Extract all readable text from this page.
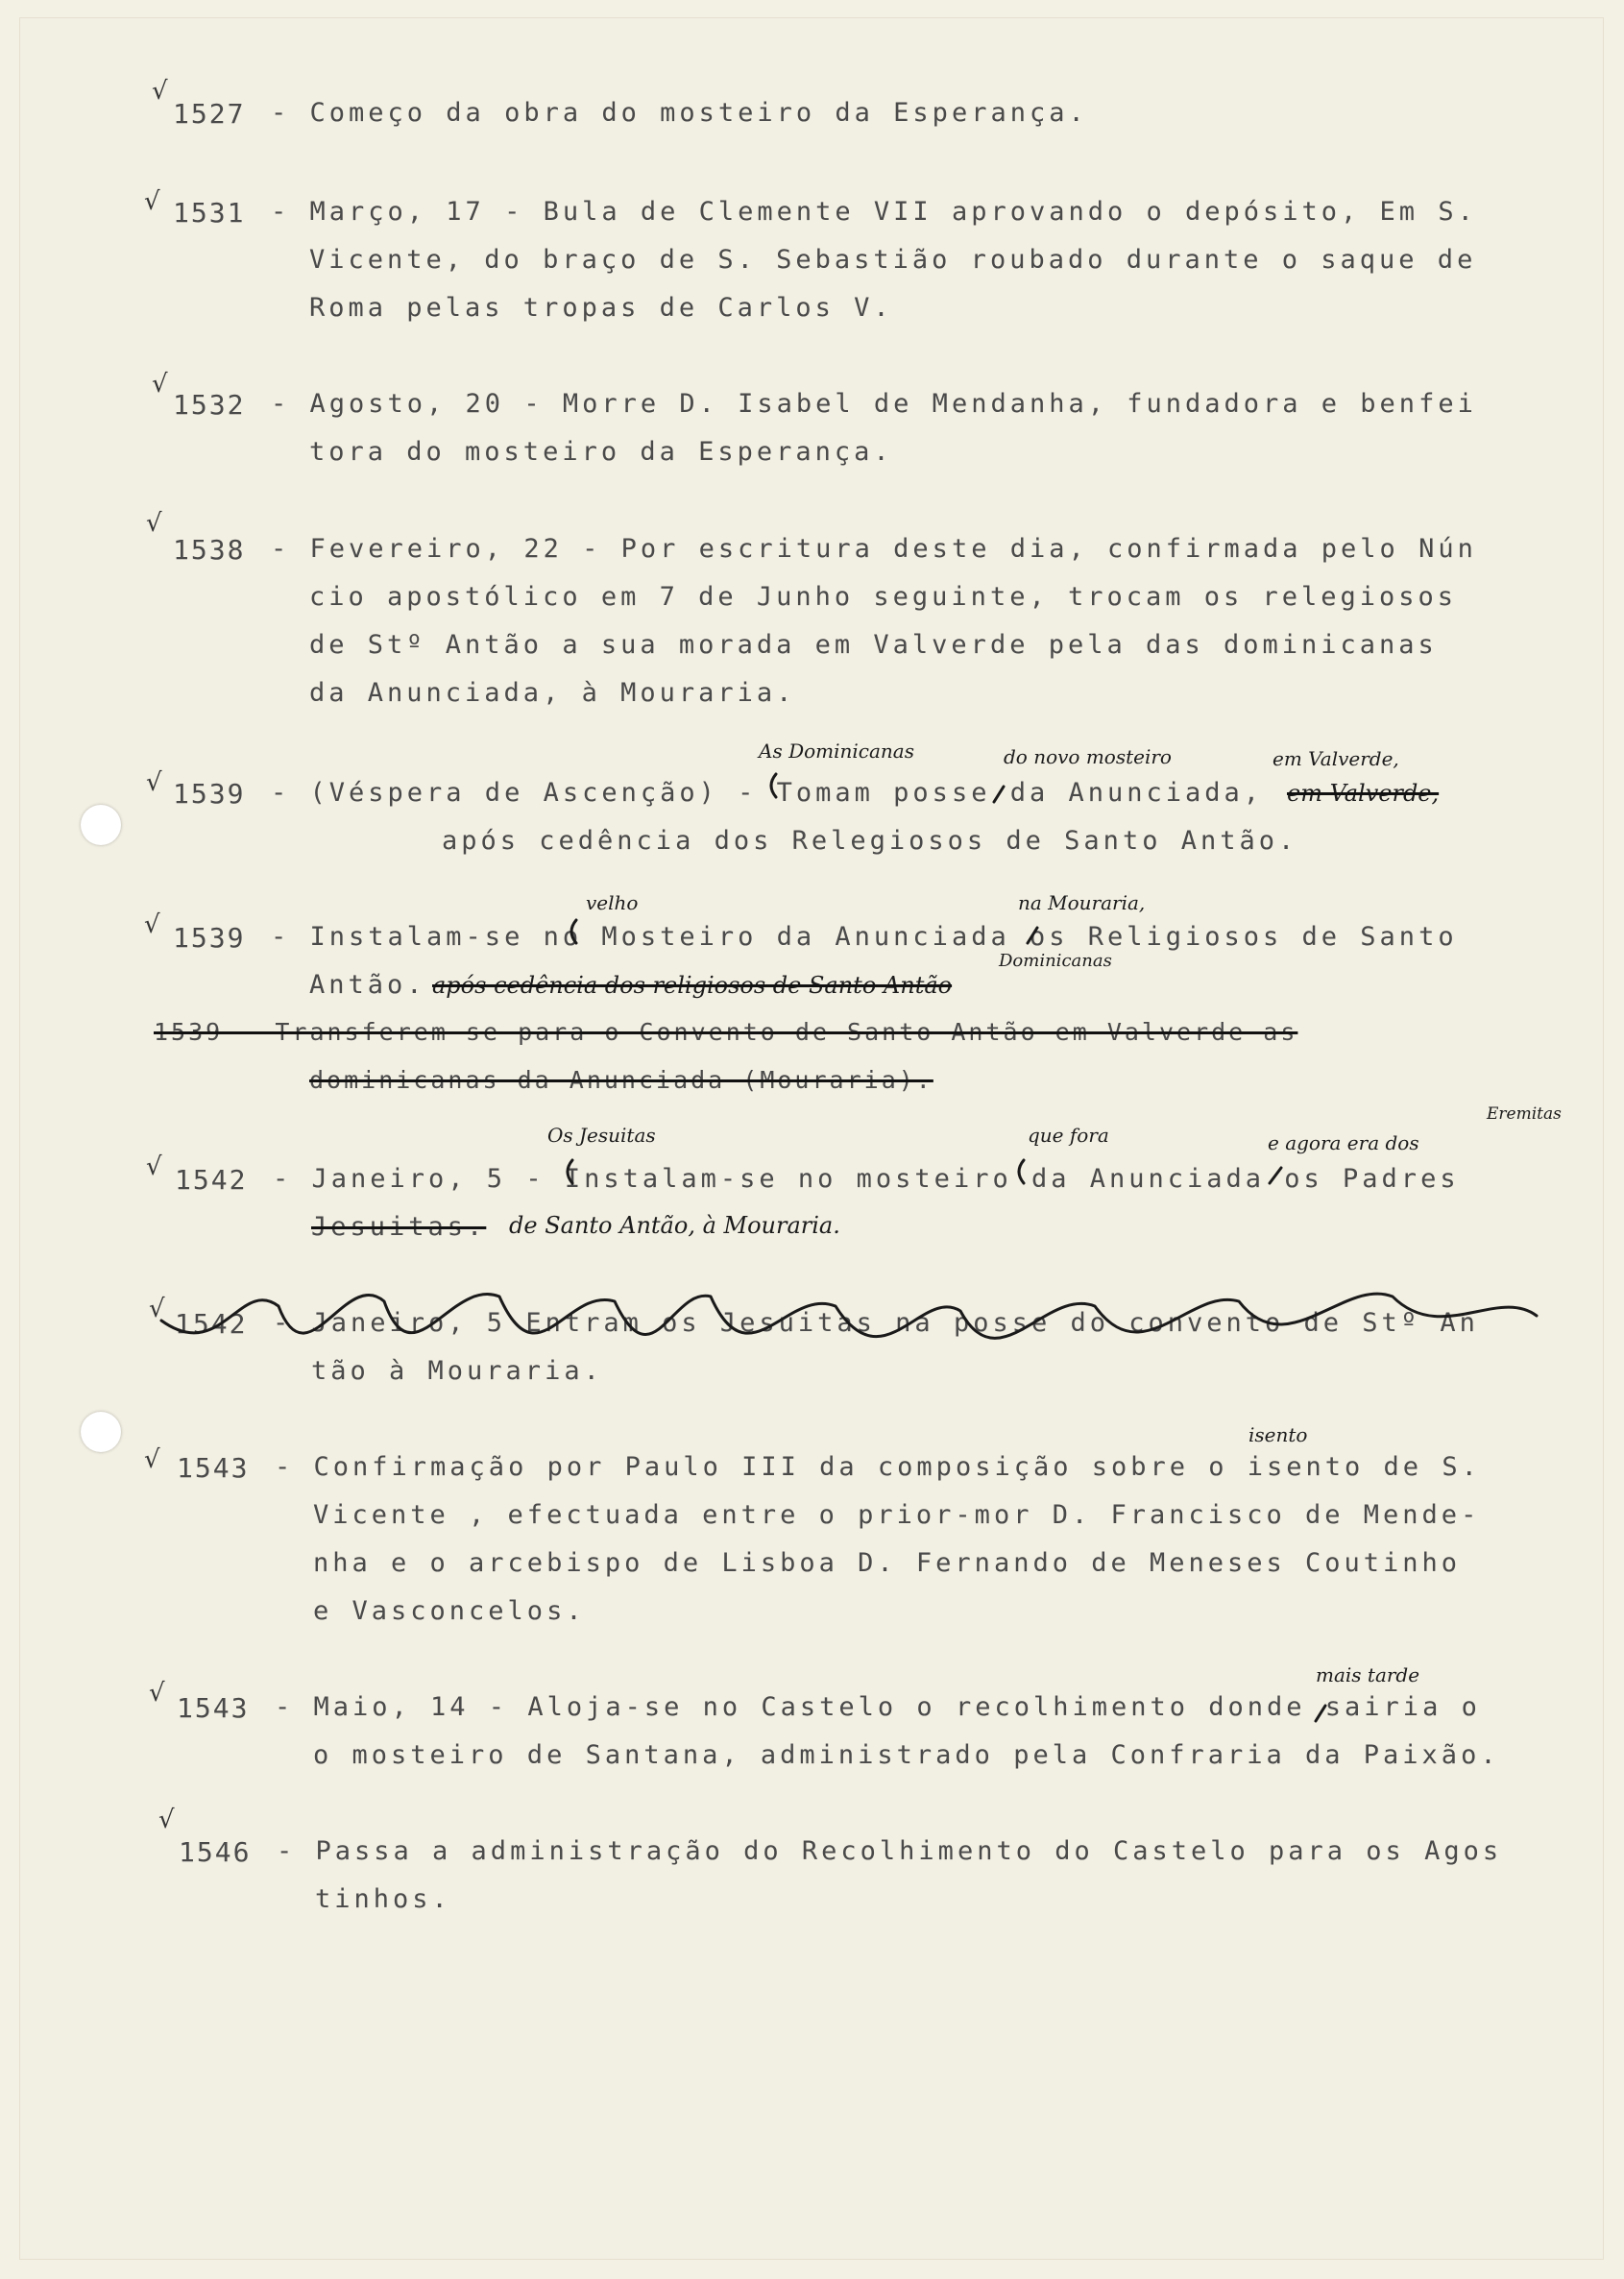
√
1527 - Começo da obra do mosteiro da Esperança.
√ 1531 - Março, 17 - Bula de Clemente VII aprovando o depósito, Em S.
Vicente, do braço de S. Sebastião roubado durante o saque de
Roma pelas tropas de Carlos V.
√
1532 - Agosto, 20 - Morre D. Isabel de Mendanha, fundadora e benfei
tora do mosteiro da Esperança.
√
1538 - Fevereiro, 22 - Por escritura deste dia, confirmada pelo Nún
cio apostólico em 7 de Junho seguinte, trocam os relegiosos
de Stº Antão a sua morada em Valverde pela das dominicanas
da Anunciada, à Mouraria.
As Dominicanas	do novo mosteiro	em Valverde,
√ 1539 - (Véspera de Ascenção) - Tomam posse da Anunciada, em Valverde,
após cedência dos Relegiosos de Santo Antão.
velho	na Mouraria,
√ 1539 - Instalam-se no Mosteiro da Anunciada os Religiosos de Santo
Antão. após cedência dos religiosos de Santo Antão
Dominicanas
1539 - Transferem-se para o Convento de Santo Antão em Valverde as
dominicanas da Anunciada (Mouraria).
Os Jesuitas	que fora	e agora era dos
Eremitas
√ 1542 - Janeiro, 5 - Instalam-se no mosteiro da Anunciada os Padres
Jesuitas. de Santo Antão, à Mouraria.
√ 1542 - Janeiro, 5 Entram os Jesuitas na posse do convento de Stº An
tão à Mouraria.
isento
√ 1543 - Confirmação por Paulo III da composição sobre o isento de S.
Vicente , efectuada entre o prior-mor D. Francisco de Mende-
nha e o arcebispo de Lisboa D. Fernando de Meneses Coutinho
e Vasconcelos.
mais tarde
√ 1543 - Maio, 14 - Aloja-se no Castelo o recolhimento donde sairia o
o mosteiro de Santana, administrado pela Confraria da Paixão.
√
1546 - Passa a administração do Recolhimento do Castelo para os Agos
tinhos.
